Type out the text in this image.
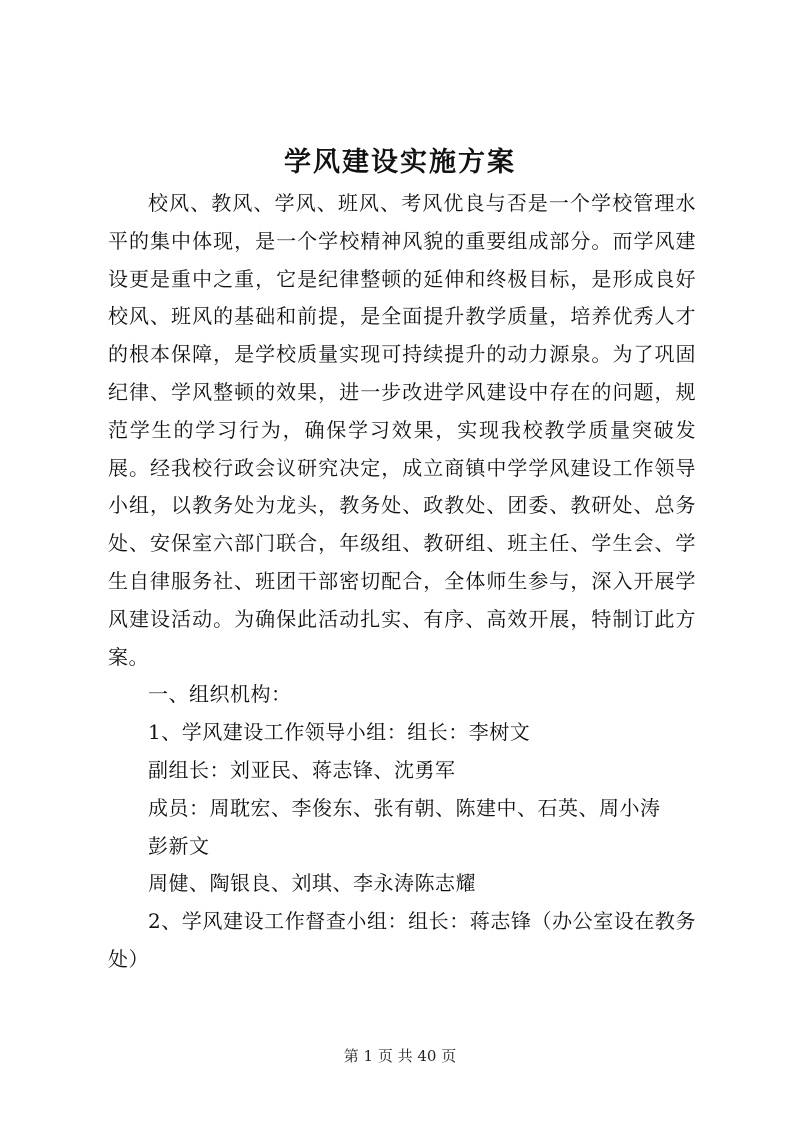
学风建设实施方案

校风、教风、学风、班风、考风优良与否是一个学校管理水平的集中体现，是一个学校精神风貌的重要组成部分。而学风建设更是重中之重，它是纪律整顿的延伸和终极目标，是形成良好校风、班风的基础和前提，是全面提升教学质量，培养优秀人才的根本保障，是学校质量实现可持续提升的动力源泉。为了巩固纪律、学风整顿的效果，进一步改进学风建设中存在的问题，规范学生的学习行为，确保学习效果，实现我校教学质量突破发展。经我校行政会议研究决定，成立商镇中学学风建设工作领导小组，以教务处为龙头，教务处、政教处、团委、教研处、总务处、安保室六部门联合，年级组、教研组、班主任、学生会、学生自律服务社、班团干部密切配合，全体师生参与，深入开展学风建设活动。为确保此活动扎实、有序、高效开展，特制订此方案。

一、组织机构：

1、学风建设工作领导小组：组长：李树文

副组长：刘亚民、蒋志锋、沈勇军

成员：周耽宏、李俊东、张有朝、陈建中、石英、周小涛

彭新文

周健、陶银良、刘琪、李永涛陈志耀

2、学风建设工作督查小组：组长：蒋志锋（办公室设在教务处）

第 1 页 共 40 页
